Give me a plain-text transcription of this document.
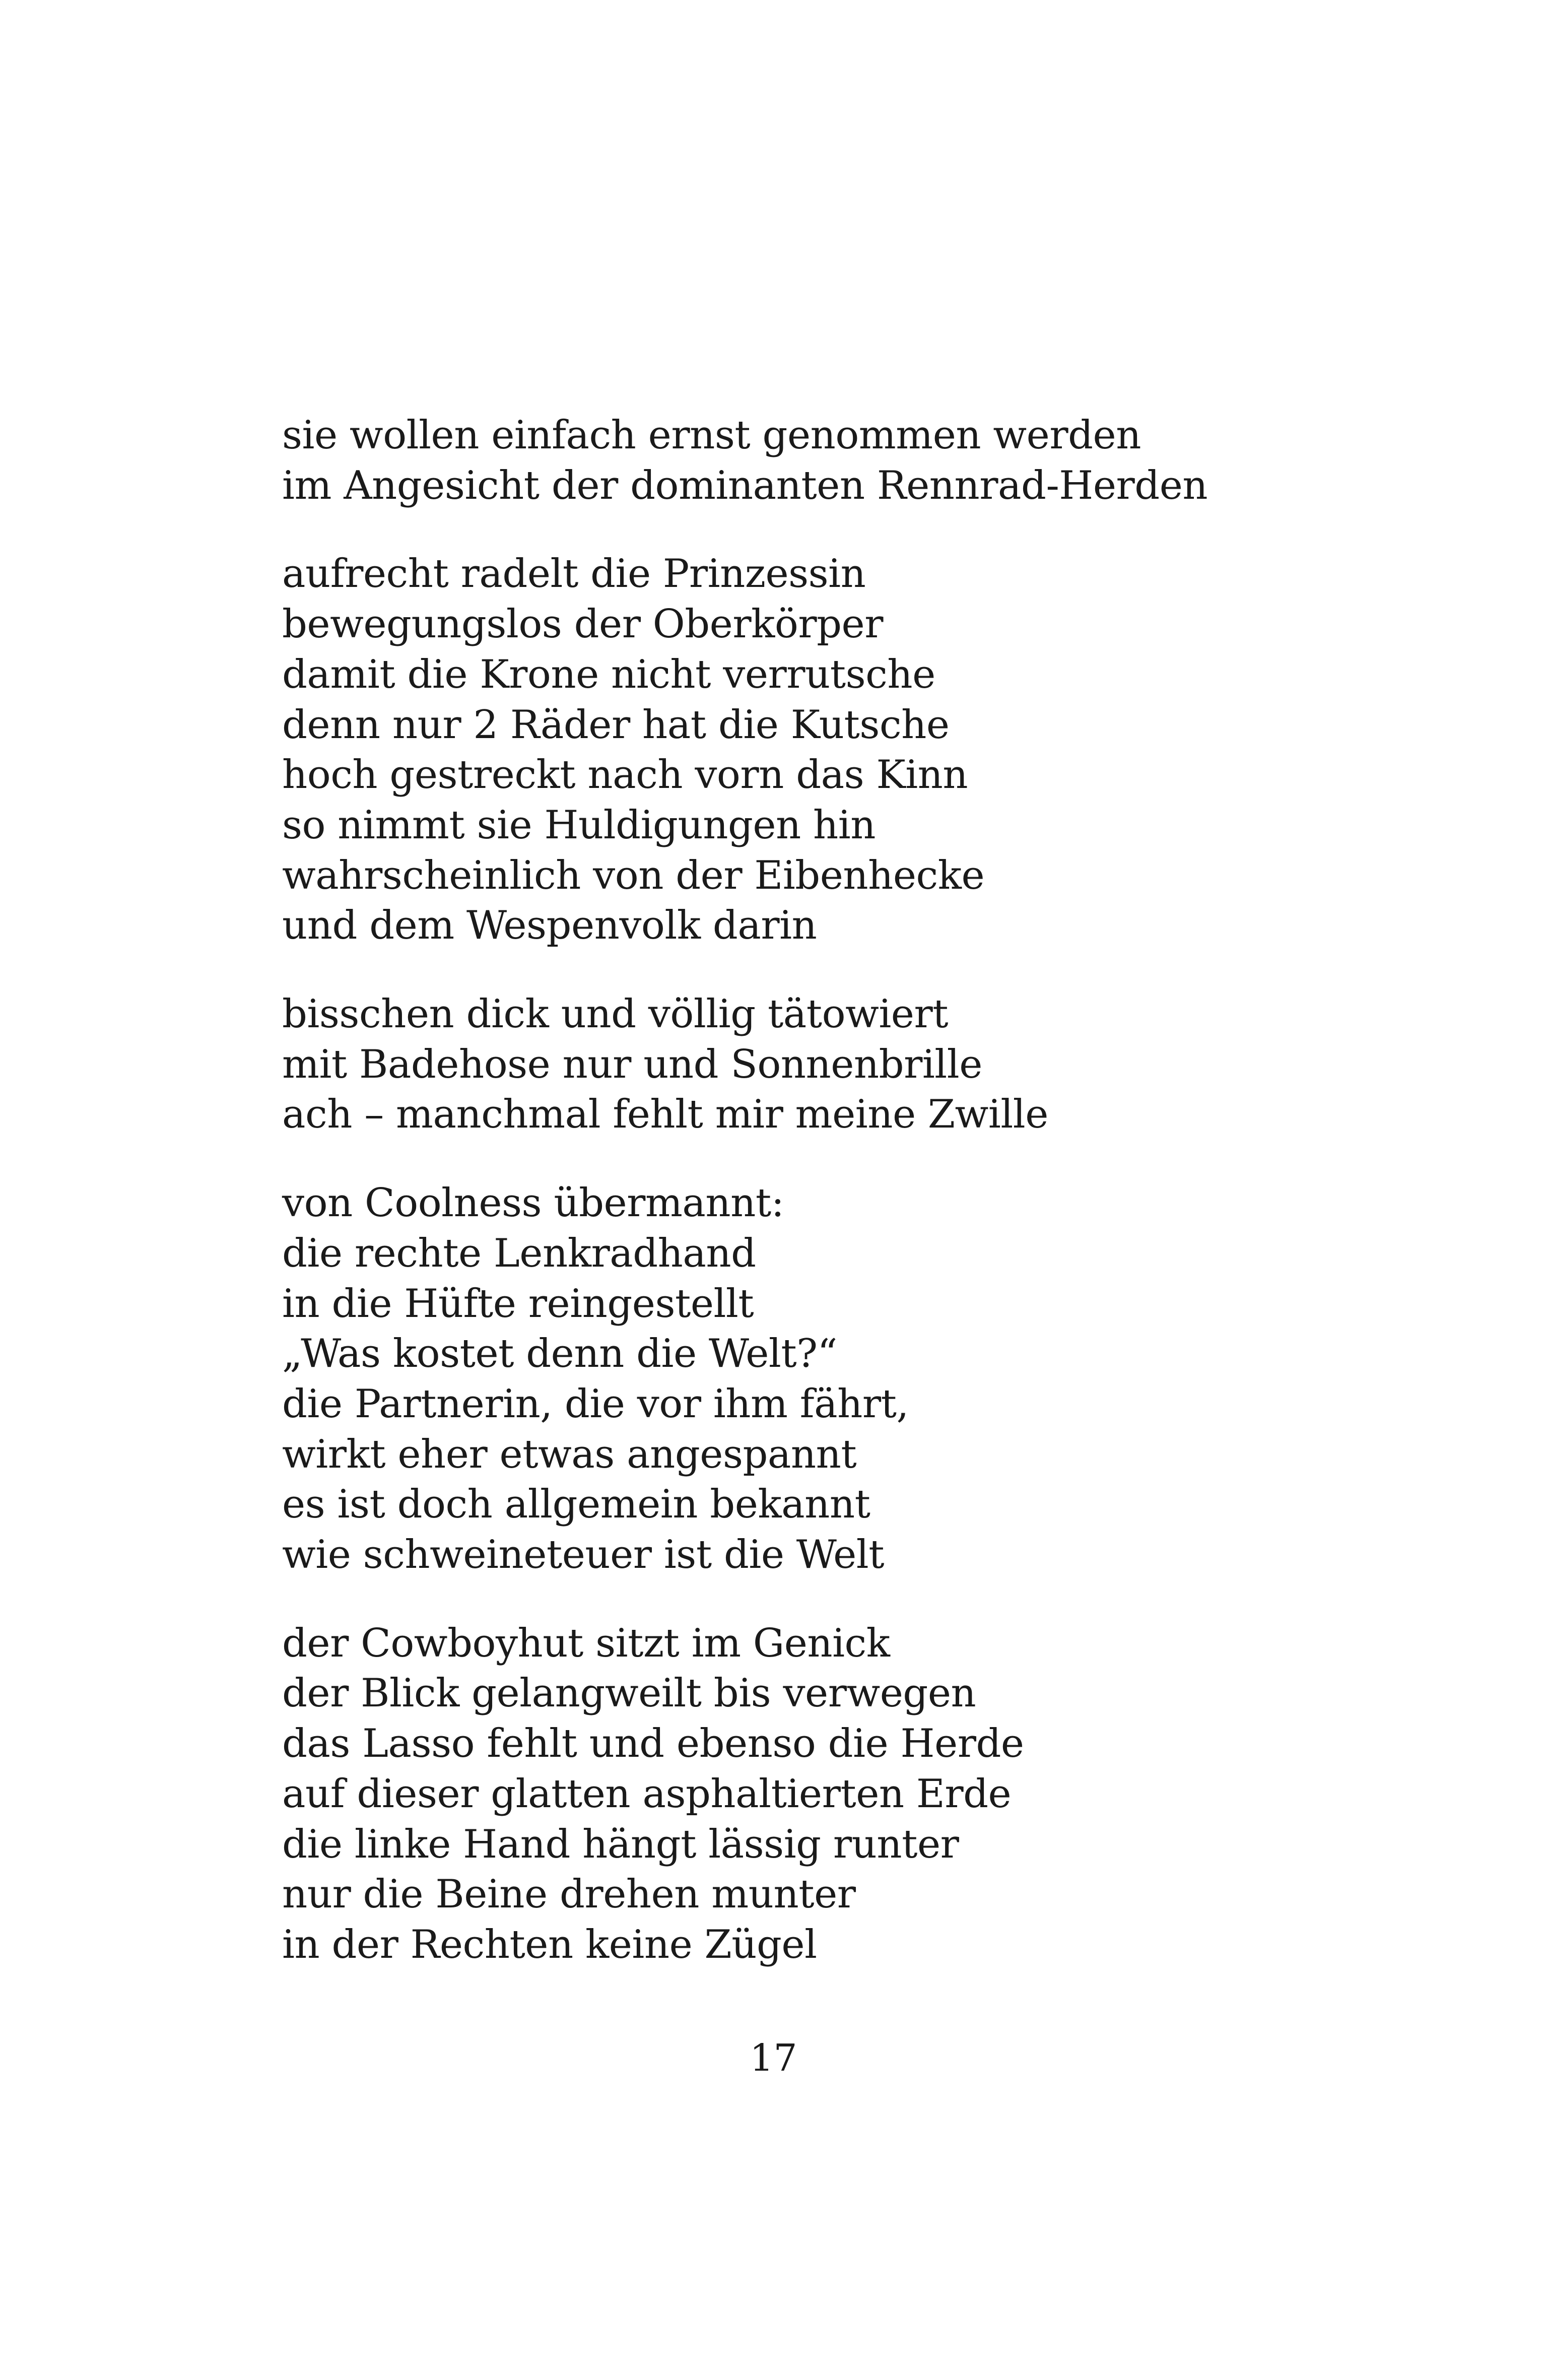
sie wollen einfach ernst genommen werden
im Angesicht der dominanten Rennrad-Herden
aufrecht radelt die Prinzessin
bewegungslos der Oberkörper
damit die Krone nicht verrutsche
denn nur 2 Räder hat die Kutsche
hoch gestreckt nach vorn das Kinn
so nimmt sie Huldigungen hin
wahrscheinlich von der Eibenhecke
und dem Wespenvolk darin
bisschen dick und völlig tätowiert
mit Badehose nur und Sonnenbrille
ach – manchmal fehlt mir meine Zwille
von Coolness übermannt:
die rechte Lenkradhand
in die Hüfte reingestellt
„Was kostet denn die Welt?“
die Partnerin, die vor ihm fährt,
wirkt eher etwas angespannt
es ist doch allgemein bekannt
wie schweineteuer ist die Welt
der Cowboyhut sitzt im Genick
der Blick gelangweilt bis verwegen
das Lasso fehlt und ebenso die Herde
auf dieser glatten asphaltierten Erde
die linke Hand hängt lässig runter
nur die Beine drehen munter
in der Rechten keine Zügel
17
